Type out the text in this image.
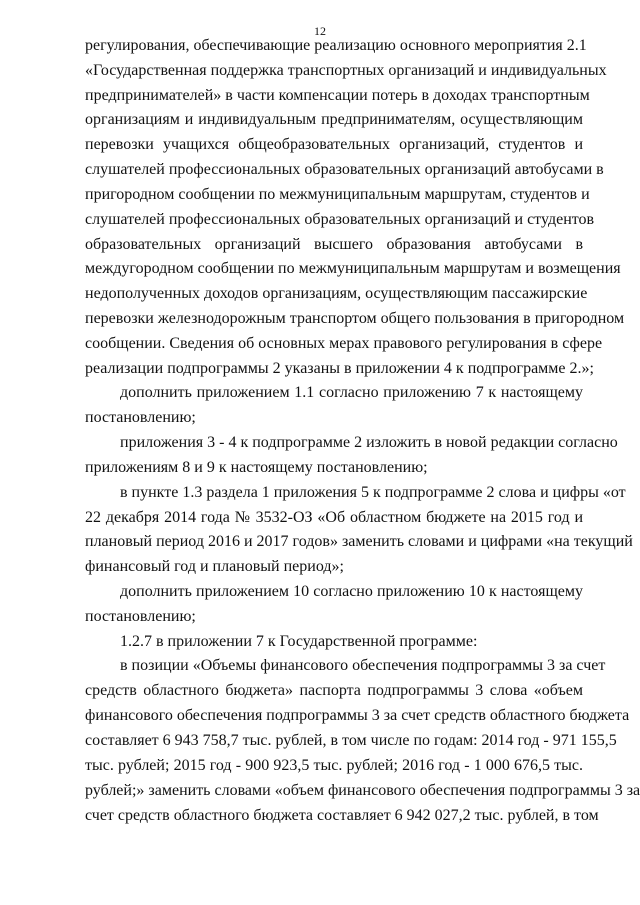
12
регулирования, обеспечивающие реализацию основного мероприятия 2.1
«Государственная поддержка транспортных организаций и индивидуальных
предпринимателей» в части компенсации потерь в доходах транспортным
организациям и индивидуальным предпринимателям, осуществляющим
перевозки учащихся общеобразовательных организаций, студентов и
слушателей профессиональных образовательных организаций автобусами в
пригородном сообщении по межмуниципальным маршрутам, студентов и
слушателей профессиональных образовательных организаций и студентов
образовательных организаций высшего образования автобусами в
междугородном сообщении по межмуниципальным маршрутам и возмещения
недополученных доходов организациям, осуществляющим пассажирские
перевозки железнодорожным транспортом общего пользования в пригородном
сообщении. Сведения об основных мерах правового регулирования в сфере
реализации подпрограммы 2 указаны в приложении 4 к подпрограмме 2.»;
дополнить приложением 1.1 согласно приложению 7 к настоящему
постановлению;
приложения 3 - 4 к подпрограмме 2 изложить в новой редакции согласно
приложениям 8 и 9 к настоящему постановлению;
в пункте 1.3 раздела 1 приложения 5 к подпрограмме 2 слова и цифры «от
22 декабря 2014 года № 3532-ОЗ «Об областном бюджете на 2015 год и
плановый период 2016 и 2017 годов» заменить словами и цифрами «на текущий
финансовый год и плановый период»;
дополнить приложением 10 согласно приложению 10 к настоящему
постановлению;
1.2.7 в приложении 7 к Государственной программе:
в позиции «Объемы финансового обеспечения подпрограммы 3 за счет
средств областного бюджета» паспорта подпрограммы 3 слова «объем
финансового обеспечения подпрограммы 3 за счет средств областного бюджета
составляет 6 943 758,7 тыс. рублей, в том числе по годам: 2014 год - 971 155,5
тыс. рублей; 2015 год - 900 923,5 тыс. рублей; 2016 год - 1 000 676,5 тыс.
рублей;» заменить словами «объем финансового обеспечения подпрограммы 3 за
счет средств областного бюджета составляет 6 942 027,2 тыс. рублей, в том
